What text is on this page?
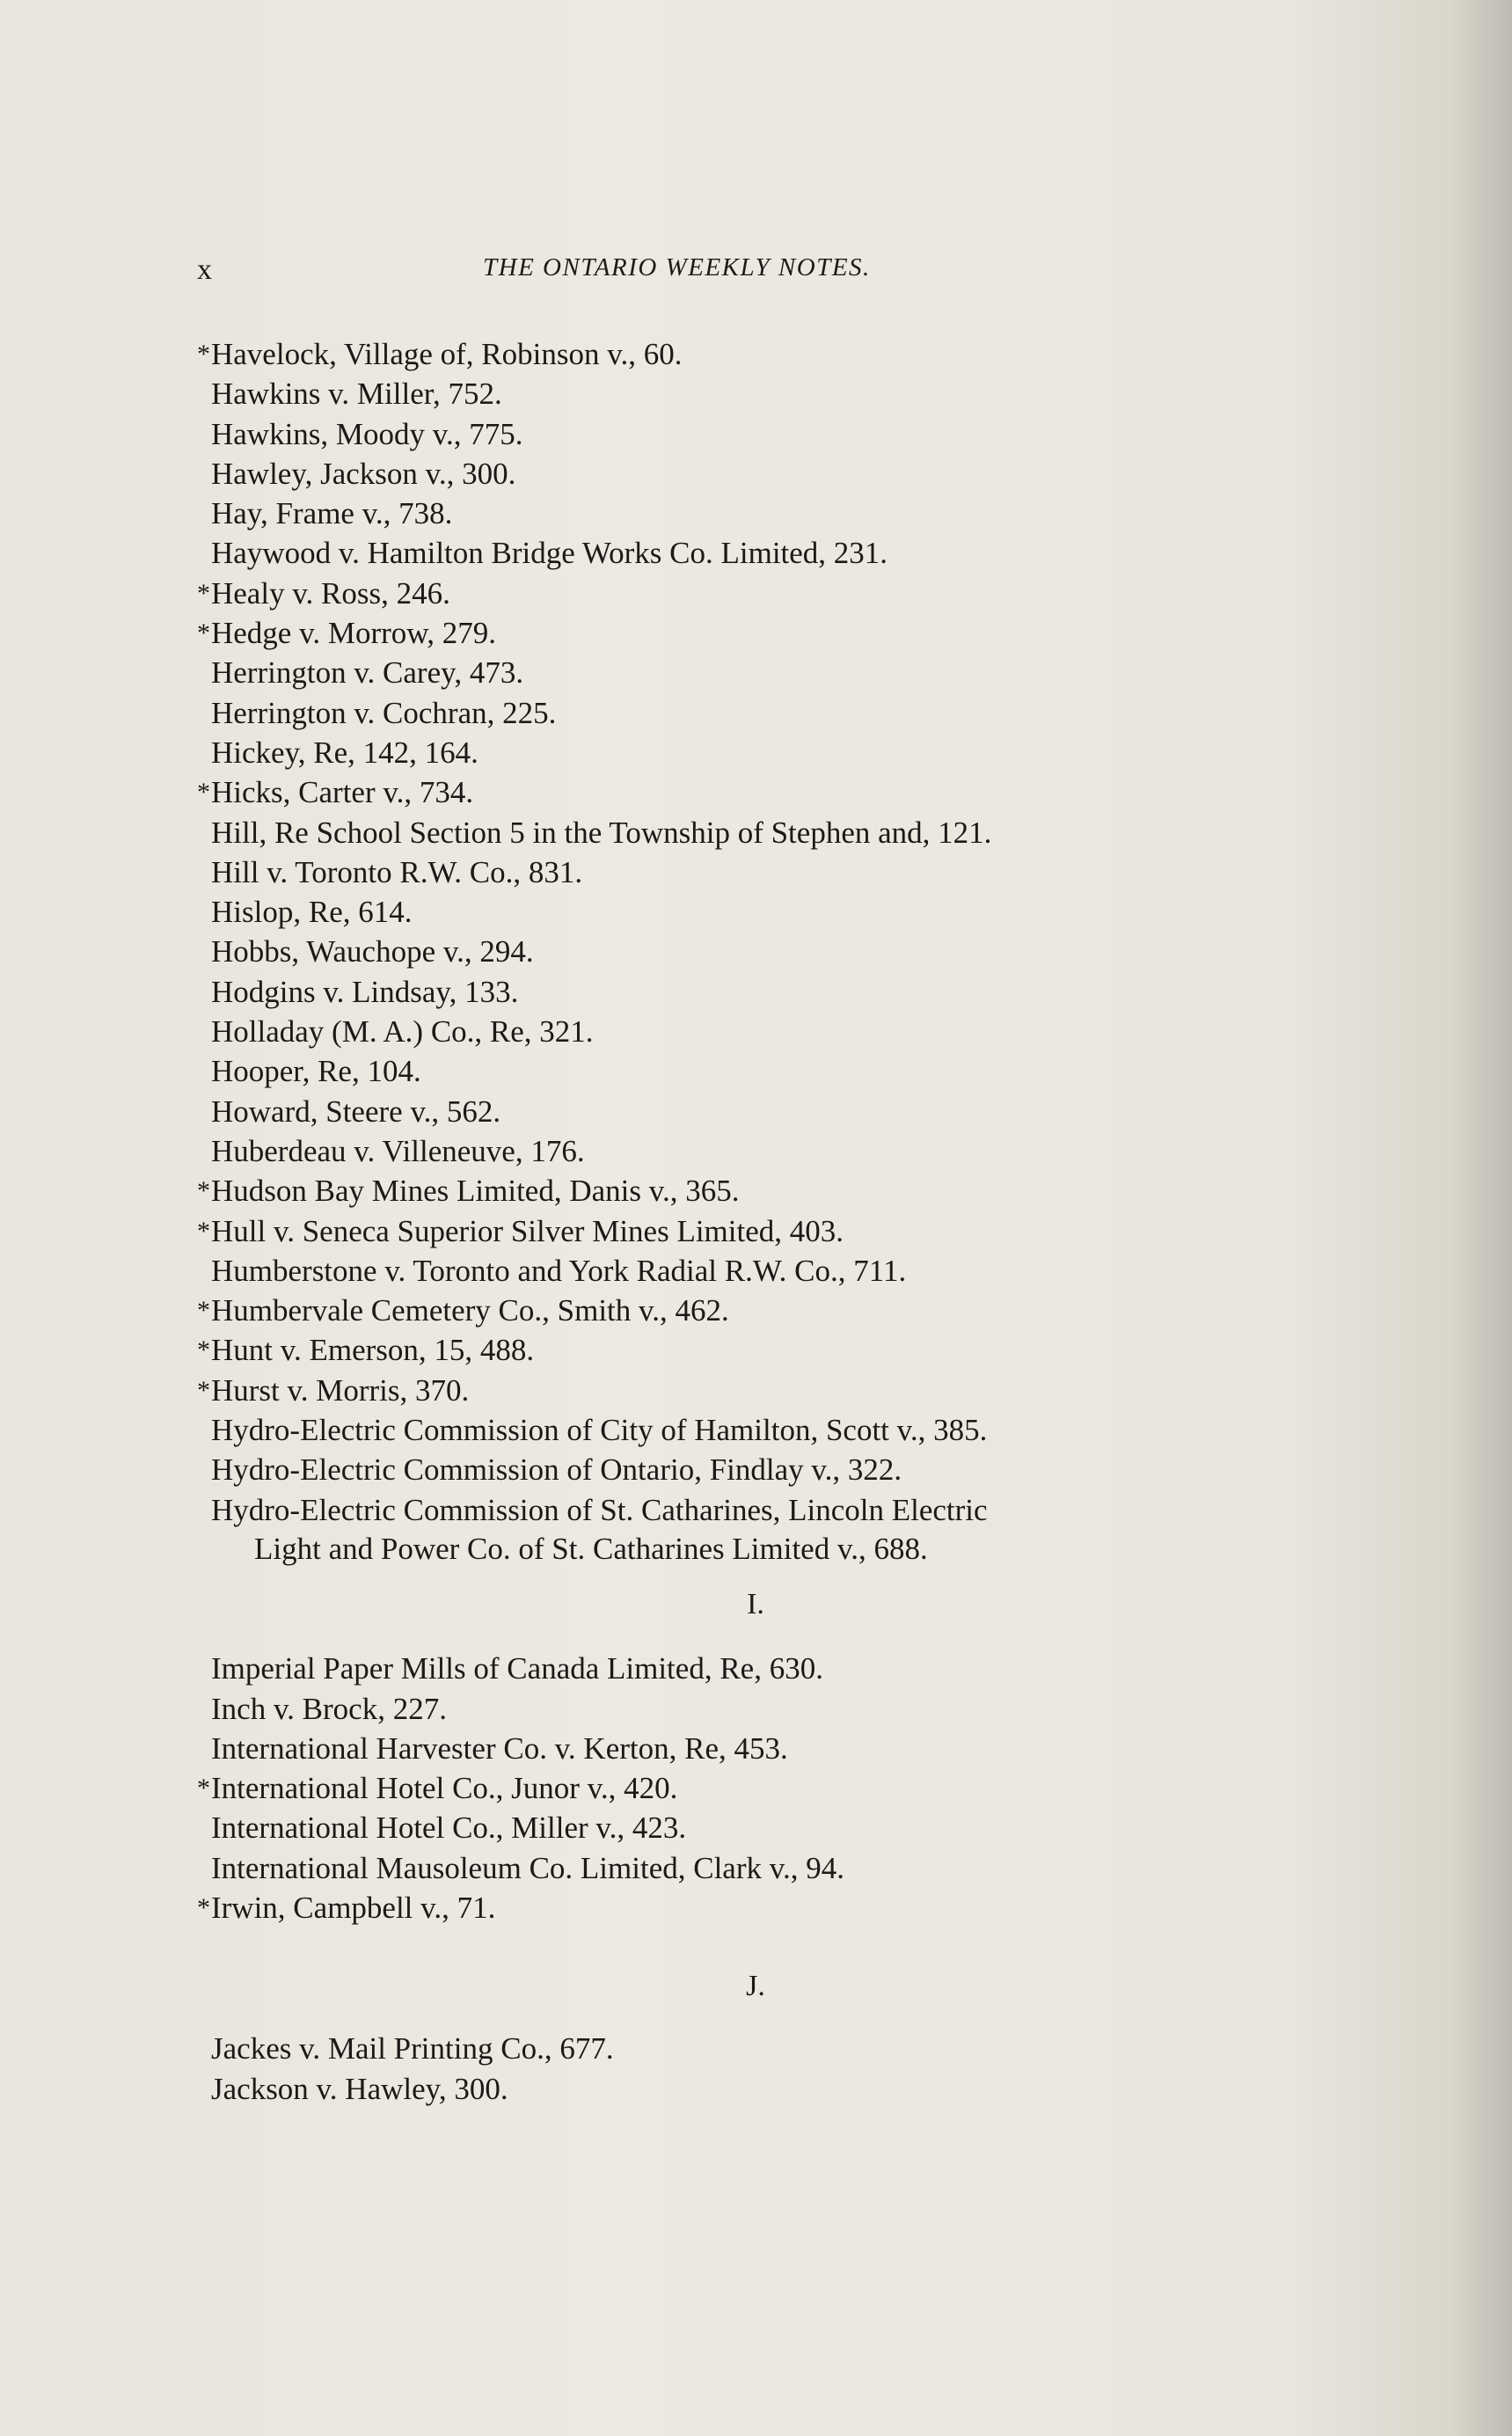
x	THE ONTARIO WEEKLY NOTES.
*Havelock, Village of, Robinson v., 60.
Hawkins v. Miller, 752.
Hawkins, Moody v., 775.
Hawley, Jackson v., 300.
Hay, Frame v., 738.
Haywood v. Hamilton Bridge Works Co. Limited, 231.
*Healy v. Ross, 246.
*Hedge v. Morrow, 279.
Herrington v. Carey, 473.
Herrington v. Cochran, 225.
Hickey, Re, 142, 164.
*Hicks, Carter v., 734.
Hill, Re School Section 5 in the Township of Stephen and, 121.
Hill v. Toronto R.W. Co., 831.
Hislop, Re, 614.
Hobbs, Wauchope v., 294.
Hodgins v. Lindsay, 133.
Holladay (M. A.) Co., Re, 321.
Hooper, Re, 104.
Howard, Steere v., 562.
Huberdeau v. Villeneuve, 176.
*Hudson Bay Mines Limited, Danis v., 365.
*Hull v. Seneca Superior Silver Mines Limited, 403.
Humberstone v. Toronto and York Radial R.W. Co., 711.
*Humbervale Cemetery Co., Smith v., 462.
*Hunt v. Emerson, 15, 488.
*Hurst v. Morris, 370.
Hydro-Electric Commission of City of Hamilton, Scott v., 385.
Hydro-Electric Commission of Ontario, Findlay v., 322.
Hydro-Electric Commission of St. Catharines, Lincoln Electric
Light and Power Co. of St. Catharines Limited v., 688.
I.
Imperial Paper Mills of Canada Limited, Re, 630.
Inch v. Brock, 227.
International Harvester Co. v. Kerton, Re, 453.
*International Hotel Co., Junor v., 420.
International Hotel Co., Miller v., 423.
International Mausoleum Co. Limited, Clark v., 94.
*Irwin, Campbell v., 71.
J.
Jackes v. Mail Printing Co., 677.
Jackson v. Hawley, 300.
